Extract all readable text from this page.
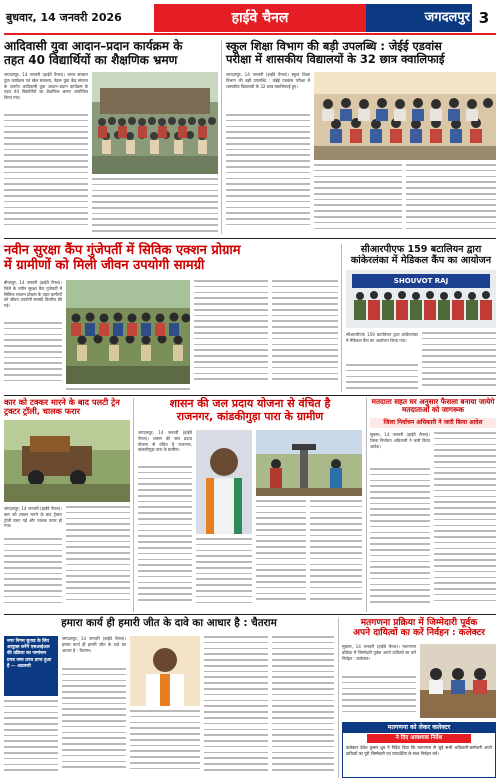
बुधवार, 14 जनवरी 2026	हाईवे चैनल	जगदलपुर 3
आदिवासी युवा आदान–प्रदान कार्यक्रम के
तहत 40 विद्यार्थियों का शैक्षणिक भ्रमण
जगदलपुर, 14 जनवरी (हाईवे चैनल)। भारत सरकार युवा कार्यक्रम एवं खेल मंत्रालय, नेहरू युवा केंद्र संगठन के अंतर्गत आदिवासी युवा आदान–प्रदान कार्यक्रम के तहत 40 विद्यार्थियों का शैक्षणिक भ्रमण आयोजित किया गया।
स्कूल शिक्षा विभाग की बड़ी उपलब्धि : जेईई एडवांस
परीक्षा में शासकीय विद्यालयों के 32 छात्र क्वालिफाई
जगदलपुर, 14 जनवरी (हाईवे चैनल)। स्कूल शिक्षा विभाग की बड़ी उपलब्धि : जेईई एडवांस परीक्षा में शासकीय विद्यालयों के 32 छात्र क्वालिफाई हुए।
नवीन सुरक्षा कैंप गुंजेपर्ती में सिविक एक्शन प्रोग्राम
में ग्रामीणों को मिली जीवन उपयोगी सामग्री
बीजापुर, 14 जनवरी (हाईवे चैनल)। जिले के नवीन सुरक्षा कैंप गुंजेपर्ती में सिविक एक्शन प्रोग्राम के तहत ग्रामीणों को जीवन उपयोगी सामग्री वितरित की गई।
सीआरपीएफ 159 बटालियन द्वारा
कांकेरलंका में मेडिकल कैंप का आयोजन
SHOUVOT RAJ
सीआरपीएफ 159 बटालियन द्वारा कांकेरलंका में मेडिकल कैंप का आयोजन किया गया।
कार को टक्कर मारने के बाद पलटी ट्रेन
ट्रक्टर ट्रॉली, चालक फरार
जगदलपुर, 14 जनवरी (हाईवे चैनल)। कार को टक्कर मारने के बाद ट्रैक्टर ट्रॉली पलट गई और चालक फरार हो गया।
शासन की जल प्रदाय योजना से वंचित है
राजनगर, कांडकीगुड़ा पारा के ग्रामीण
जगदलपुर, 14 जनवरी (हाईवे चैनल)। शासन की जल प्रदाय योजना से वंचित है राजनगर, कांडकीगुड़ा पारा के ग्रामीण।
मतदाता सहत घर अनुसार फैसला बनाया जायेगे
मतदाताओं को जागरूक
जिला निर्वाचन अधिकारी ने जारी किया आदेश
सुकमा, 14 जनवरी (हाईवे चैनल)। जिला निर्वाचन अधिकारी ने जारी किया आदेश।
हमारा कार्य ही हमारी जीत के दावे का आधार है : चैतराम
नगर निगम चुनाव के लिए आयुक्त करेंगे एसआईआर की प्रक्रिया का नामांकन प्रपत्र जमा प्रपत्र प्राप्त हुआ है — अटलजी
जगदलपुर, 14 जनवरी (हाईवे चैनल)। हमारा कार्य ही हमारी जीत के दावे का आधार है : चैतराम।
मतगणना प्रक्रिया में जिम्मेदारी पूर्वक
अपने दायित्वों का करें निर्वहन : कलेक्टर
सुकमा, 14 जनवरी (हाईवे चैनल)। मतगणना प्रक्रिया में जिम्मेदारी पूर्वक अपने दायित्वों का करें निर्वहन : कलेक्टर।
मतगणना को लेकर कलेक्टर
ने दिए आवश्यक निर्देश
कलेक्टर देवेश कुमार ध्रुव ने निर्देश दिया कि मतगणना से जुड़े सभी अधिकारी-कर्मचारी अपने दायित्वों का पूरी जिम्मेदारी एवं पारदर्शिता के साथ निर्वहन करें।
